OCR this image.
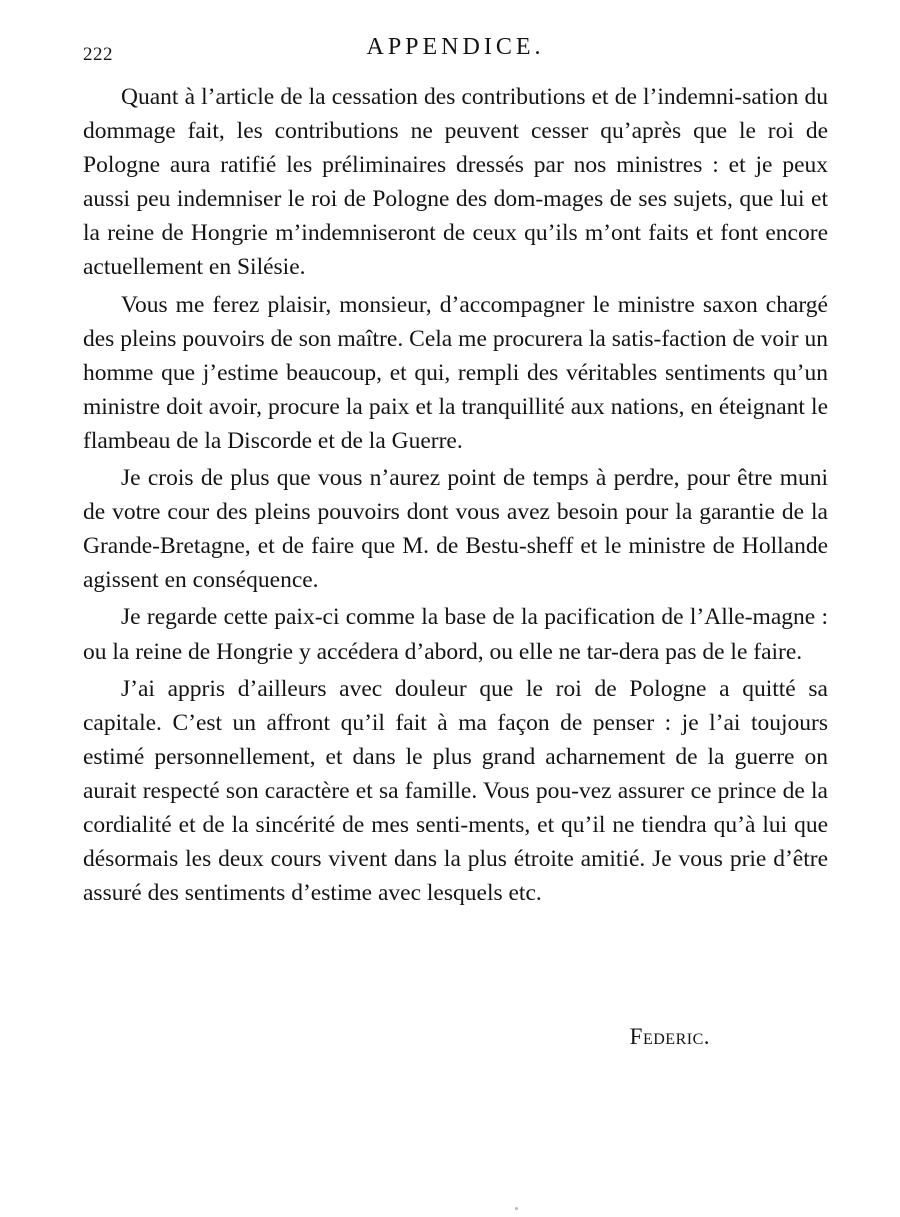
222	APPENDICE.

Quant à l’article de la cessation des contributions et de l’indemni-sation du dommage fait, les contributions ne peuvent cesser qu’après que le roi de Pologne aura ratifié les préliminaires dressés par nos ministres : et je peux aussi peu indemniser le roi de Pologne des dom-mages de ses sujets, que lui et la reine de Hongrie m’indemniseront de ceux qu’ils m’ont faits et font encore actuellement en Silésie.

Vous me ferez plaisir, monsieur, d’accompagner le ministre saxon chargé des pleins pouvoirs de son maître. Cela me procurera la satis-faction de voir un homme que j’estime beaucoup, et qui, rempli des véritables sentiments qu’un ministre doit avoir, procure la paix et la tranquillité aux nations, en éteignant le flambeau de la Discorde et de la Guerre.

Je crois de plus que vous n’aurez point de temps à perdre, pour être muni de votre cour des pleins pouvoirs dont vous avez besoin pour la garantie de la Grande-Bretagne, et de faire que M. de Bestu-sheff et le ministre de Hollande agissent en conséquence.

Je regarde cette paix-ci comme la base de la pacification de l’Alle-magne : ou la reine de Hongrie y accédera d’abord, ou elle ne tar-dera pas de le faire.

J’ai appris d’ailleurs avec douleur que le roi de Pologne a quitté sa capitale. C’est un affront qu’il fait à ma façon de penser : je l’ai toujours estimé personnellement, et dans le plus grand acharnement de la guerre on aurait respecté son caractère et sa famille. Vous pou-vez assurer ce prince de la cordialité et de la sincérité de mes senti-ments, et qu’il ne tiendra qu’à lui que désormais les deux cours vivent dans la plus étroite amitié. Je vous prie d’être assuré des sentiments d’estime avec lesquels etc.

Federic.
